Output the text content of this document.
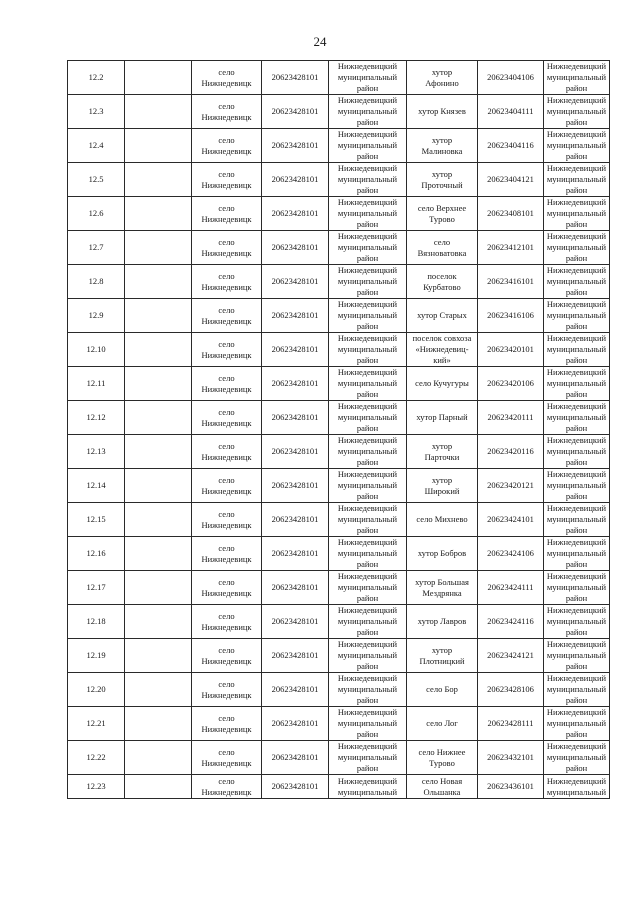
24
12.2		село
Нижнедевицк	20623428101	Нижнедевицкий
муниципальный
район	хутор
Афонино	20623404106	Нижнедевицкий
муниципальный
район
12.3		село
Нижнедевицк	20623428101	Нижнедевицкий
муниципальный
район	хутор Князев	20623404111	Нижнедевицкий
муниципальный
район
12.4		село
Нижнедевицк	20623428101	Нижнедевицкий
муниципальный
район	хутор
Малиновка	20623404116	Нижнедевицкий
муниципальный
район
12.5		село
Нижнедевицк	20623428101	Нижнедевицкий
муниципальный
район	хутор
Проточный	20623404121	Нижнедевицкий
муниципальный
район
12.6		село
Нижнедевицк	20623428101	Нижнедевицкий
муниципальный
район	село Верхнее
Турово	20623408101	Нижнедевицкий
муниципальный
район
12.7		село
Нижнедевицк	20623428101	Нижнедевицкий
муниципальный
район	село
Вязноватовка	20623412101	Нижнедевицкий
муниципальный
район
12.8		село
Нижнедевицк	20623428101	Нижнедевицкий
муниципальный
район	поселок
Курбатово	20623416101	Нижнедевицкий
муниципальный
район
12.9		село
Нижнедевицк	20623428101	Нижнедевицкий
муниципальный
район	хутор Старых	20623416106	Нижнедевицкий
муниципальный
район
12.10		село
Нижнедевицк	20623428101	Нижнедевицкий
муниципальный
район	поселок совхоза
«Нижнедевиц-
кий»	20623420101	Нижнедевицкий
муниципальный
район
12.11		село
Нижнедевицк	20623428101	Нижнедевицкий
муниципальный
район	село Кучугуры	20623420106	Нижнедевицкий
муниципальный
район
12.12		село
Нижнедевицк	20623428101	Нижнедевицкий
муниципальный
район	хутор Парный	20623420111	Нижнедевицкий
муниципальный
район
12.13		село
Нижнедевицк	20623428101	Нижнедевицкий
муниципальный
район	хутор
Парточки	20623420116	Нижнедевицкий
муниципальный
район
12.14		село
Нижнедевицк	20623428101	Нижнедевицкий
муниципальный
район	хутор
Широкий	20623420121	Нижнедевицкий
муниципальный
район
12.15		село
Нижнедевицк	20623428101	Нижнедевицкий
муниципальный
район	село Михнево	20623424101	Нижнедевицкий
муниципальный
район
12.16		село
Нижнедевицк	20623428101	Нижнедевицкий
муниципальный
район	хутор Бобров	20623424106	Нижнедевицкий
муниципальный
район
12.17		село
Нижнедевицк	20623428101	Нижнедевицкий
муниципальный
район	хутор Большая
Мездрянка	20623424111	Нижнедевицкий
муниципальный
район
12.18		село
Нижнедевицк	20623428101	Нижнедевицкий
муниципальный
район	хутор Лавров	20623424116	Нижнедевицкий
муниципальный
район
12.19		село
Нижнедевицк	20623428101	Нижнедевицкий
муниципальный
район	хутор
Плотницкий	20623424121	Нижнедевицкий
муниципальный
район
12.20		село
Нижнедевицк	20623428101	Нижнедевицкий
муниципальный
район	село Бор	20623428106	Нижнедевицкий
муниципальный
район
12.21		село
Нижнедевицк	20623428101	Нижнедевицкий
муниципальный
район	село Лог	20623428111	Нижнедевицкий
муниципальный
район
12.22		село
Нижнедевицк	20623428101	Нижнедевицкий
муниципальный
район	село Нижнее
Турово	20623432101	Нижнедевицкий
муниципальный
район
12.23		село
Нижнедевицк	20623428101	Нижнедевицкий
муниципальный	село Новая
Ольшанка	20623436101	Нижнедевицкий
муниципальный
